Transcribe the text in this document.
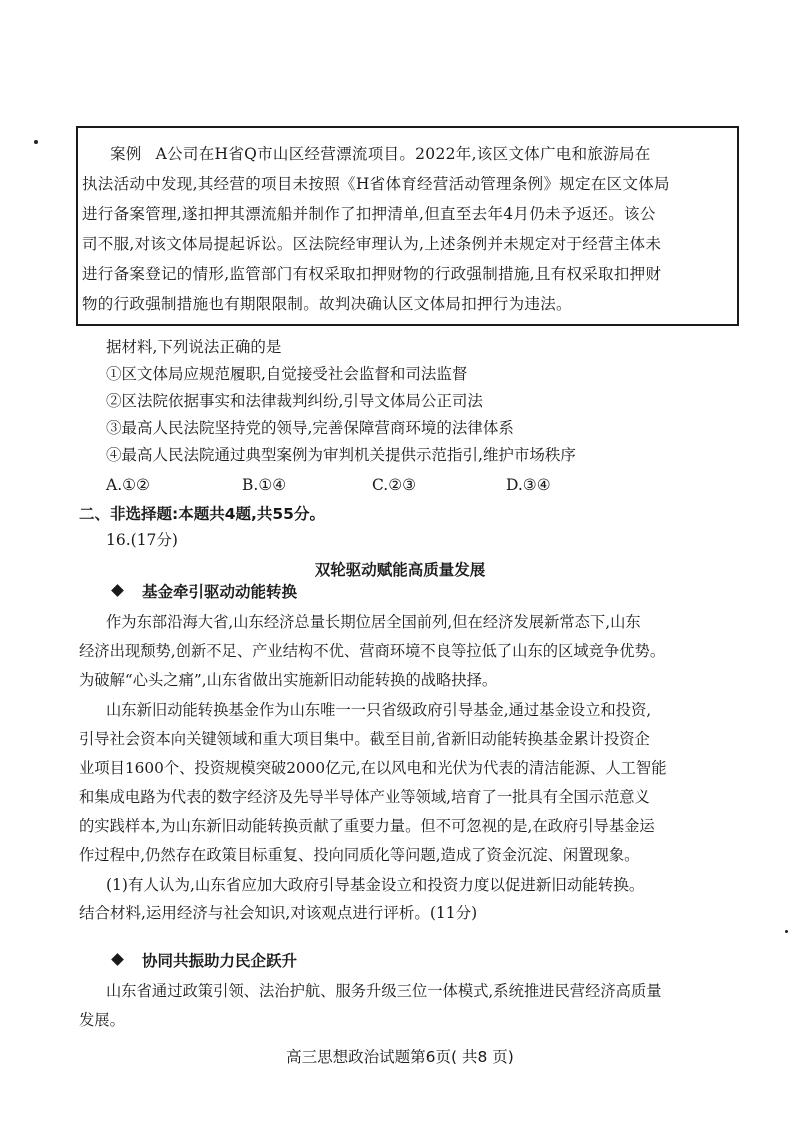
案例 A公司在H省Q市山区经营漂流项目。2022年,该区文体广电和旅游局在
执法活动中发现,其经营的项目未按照《H省体育经营活动管理条例》规定在区文体局
进行备案管理,遂扣押其漂流船并制作了扣押清单,但直至去年4月仍未予返还。该公
司不服,对该文体局提起诉讼。区法院经审理认为,上述条例并未规定对于经营主体未
进行备案登记的情形,监管部门有权采取扣押财物的行政强制措施,且有权采取扣押财
物的行政强制措施也有期限限制。故判决确认区文体局扣押行为违法。
据材料,下列说法正确的是
①区文体局应规范履职,自觉接受社会监督和司法监督
②区法院依据事实和法律裁判纠纷,引导文体局公正司法
③最高人民法院坚持党的领导,完善保障营商环境的法律体系
④最高人民法院通过典型案例为审判机关提供示范指引,维护市场秩序
A.①②	B.①④	C.②③	D.③④
二、非选择题:本题共4题,共55分。
16.(17分)
双轮驱动赋能高质量发展
基金牵引驱动动能转换
作为东部沿海大省,山东经济总量长期位居全国前列,但在经济发展新常态下,山东
经济出现颓势,创新不足、产业结构不优、营商环境不良等拉低了山东的区域竞争优势。
为破解“心头之痛”,山东省做出实施新旧动能转换的战略抉择。
山东新旧动能转换基金作为山东唯一一只省级政府引导基金,通过基金设立和投资,
引导社会资本向关键领域和重大项目集中。截至目前,省新旧动能转换基金累计投资企
业项目1600个、投资规模突破2000亿元,在以风电和光伏为代表的清洁能源、人工智能
和集成电路为代表的数字经济及先导半导体产业等领域,培育了一批具有全国示范意义
的实践样本,为山东新旧动能转换贡献了重要力量。但不可忽视的是,在政府引导基金运
作过程中,仍然存在政策目标重复、投向同质化等问题,造成了资金沉淀、闲置现象。
(1)有人认为,山东省应加大政府引导基金设立和投资力度以促进新旧动能转换。
结合材料,运用经济与社会知识,对该观点进行评析。(11分)
协同共振助力民企跃升
山东省通过政策引领、法治护航、服务升级三位一体模式,系统推进民营经济高质量
发展。
高三思想政治试题第6页( 共8 页)
